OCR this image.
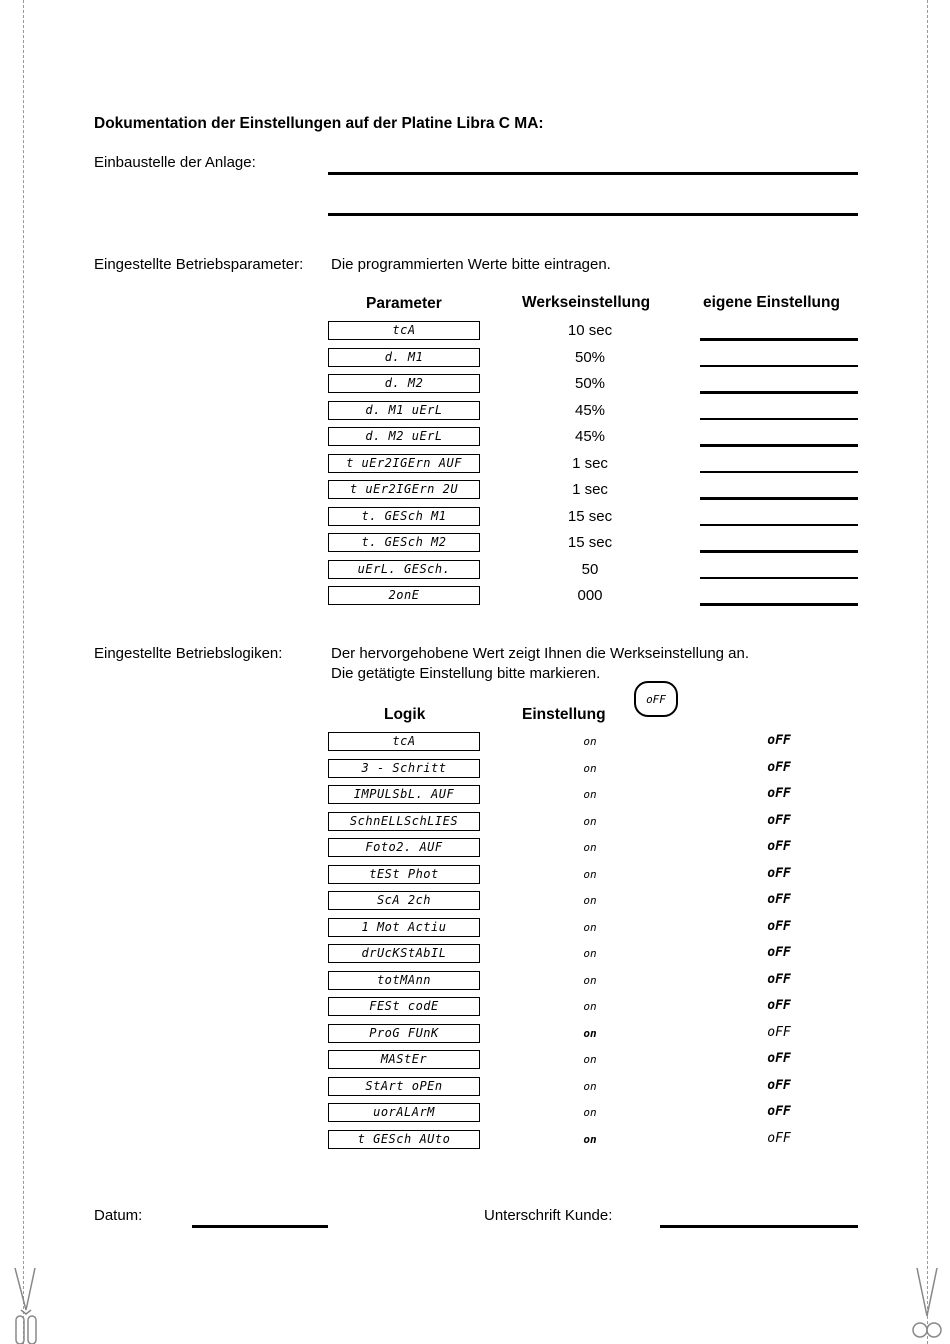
Dokumentation der Einstellungen auf der Platine Libra C MA:
Einbaustelle der Anlage:
Eingestellte Betriebsparameter: Die programmierten Werte bitte eintragen.
Parameter	Werkseinstellung	eigene Einstellung
tcA	10 sec
d. M1	50%
d. M2	50%
d. M1 uErL	45%
d. M2 uErL	45%
t uEr2IGErn AUF	1 sec
t uEr2IGErn 2U	1 sec
t. GESch M1	15 sec
t. GESch M2	15 sec
uErL. GESch.	50
2onE	000
Eingestellte Betriebslogiken:	Der hervorgehobene Wert zeigt Ihnen die Werkseinstellung an.
Die getätigte Einstellung bitte markieren.
oFF
Logik	Einstellung
tcA	on	oFF
3 - Schritt	on	oFF
IMPULSbL. AUF	on	oFF
SchnELLSchLIES	on	oFF
Foto2. AUF	on	oFF
tESt Phot	on	oFF
ScA 2ch	on	oFF
1 Mot Actiu	on	oFF
drUcKStAbIL	on	oFF
totMAnn	on	oFF
FESt codE	on	oFF
ProG FUnK	on	oFF
MAStEr	on	oFF
StArt oPEn	on	oFF
uorALArM	on	oFF
t GESch AUto	on	oFF
Datum:	Unterschrift Kunde:
